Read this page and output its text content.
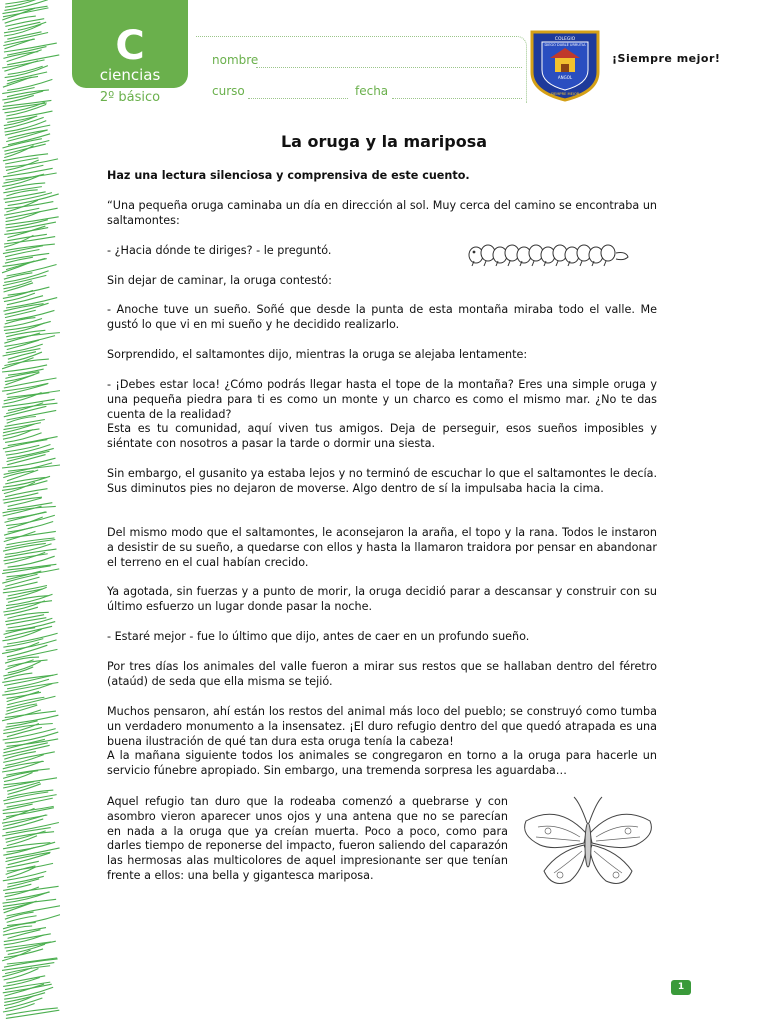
C
ciencias
2º básico
nombre
curso	fecha
COLEGIO
DIEGO DUBLÉ URRUTIA
ANGOL
SIEMPRE MEJOR
¡Siempre mejor!
La oruga y la mariposa

Haz una lectura silenciosa y comprensiva de este cuento.

“Una pequeña oruga caminaba un día en dirección al sol. Muy cerca del camino se encontraba un saltamontes:

- ¿Hacia dónde te diriges? - le preguntó.

Sin dejar de caminar, la oruga contestó:

- Anoche tuve un sueño. Soñé que desde la punta de esta montaña miraba todo el valle. Me gustó lo que vi en mi sueño y he decidido realizarlo.

Sorprendido, el saltamontes dijo, mientras la oruga se alejaba lentamente:

- ¡Debes estar loca! ¿Cómo podrás llegar hasta el tope de la montaña? Eres una simple oruga y una pequeña piedra para ti es como un monte y un charco es como el mismo mar. ¿No te das cuenta de la realidad?

Esta es tu comunidad, aquí viven tus amigos. Deja de perseguir, esos sueños imposibles y siéntate con nosotros a pasar la tarde o dormir una siesta.

Sin embargo, el gusanito ya estaba lejos y no terminó de escuchar lo que el saltamontes le decía. Sus diminutos pies no dejaron de moverse. Algo dentro de sí la impulsaba hacia la cima.

Del mismo modo que el saltamontes, le aconsejaron la araña, el topo y la rana. Todos le instaron a desistir de su sueño, a quedarse con ellos y hasta la llamaron traidora por pensar en abandonar el terreno en el cual habían crecido.

Ya agotada, sin fuerzas y a punto de morir, la oruga decidió parar a descansar y construir con su último esfuerzo un lugar donde pasar la noche.

- Estaré mejor - fue lo último que dijo, antes de caer en un profundo sueño.

Por tres días los animales del valle fueron a mirar sus restos que se hallaban dentro del féretro (ataúd) de seda que ella misma se tejió.

Muchos pensaron, ahí están los restos del animal más loco del pueblo; se construyó como tumba un verdadero monumento a la insensatez. ¡El duro refugio dentro del que quedó atrapada es una buena ilustración de qué tan dura esta oruga tenía la cabeza!

A la mañana siguiente todos los animales se congregaron en torno a la oruga para hacerle un servicio fúnebre apropiado. Sin embargo, una tremenda sorpresa les aguardaba…

Aquel refugio tan duro que la rodeaba comenzó a quebrarse y con asombro vieron aparecer unos ojos y una antena que no se parecían en nada a la oruga que ya creían muerta. Poco a poco, como para darles tiempo de reponerse del impacto, fueron saliendo del caparazón las hermosas alas multicolores de aquel impresionante ser que tenían frente a ellos: una bella y gigantesca mariposa.

1
